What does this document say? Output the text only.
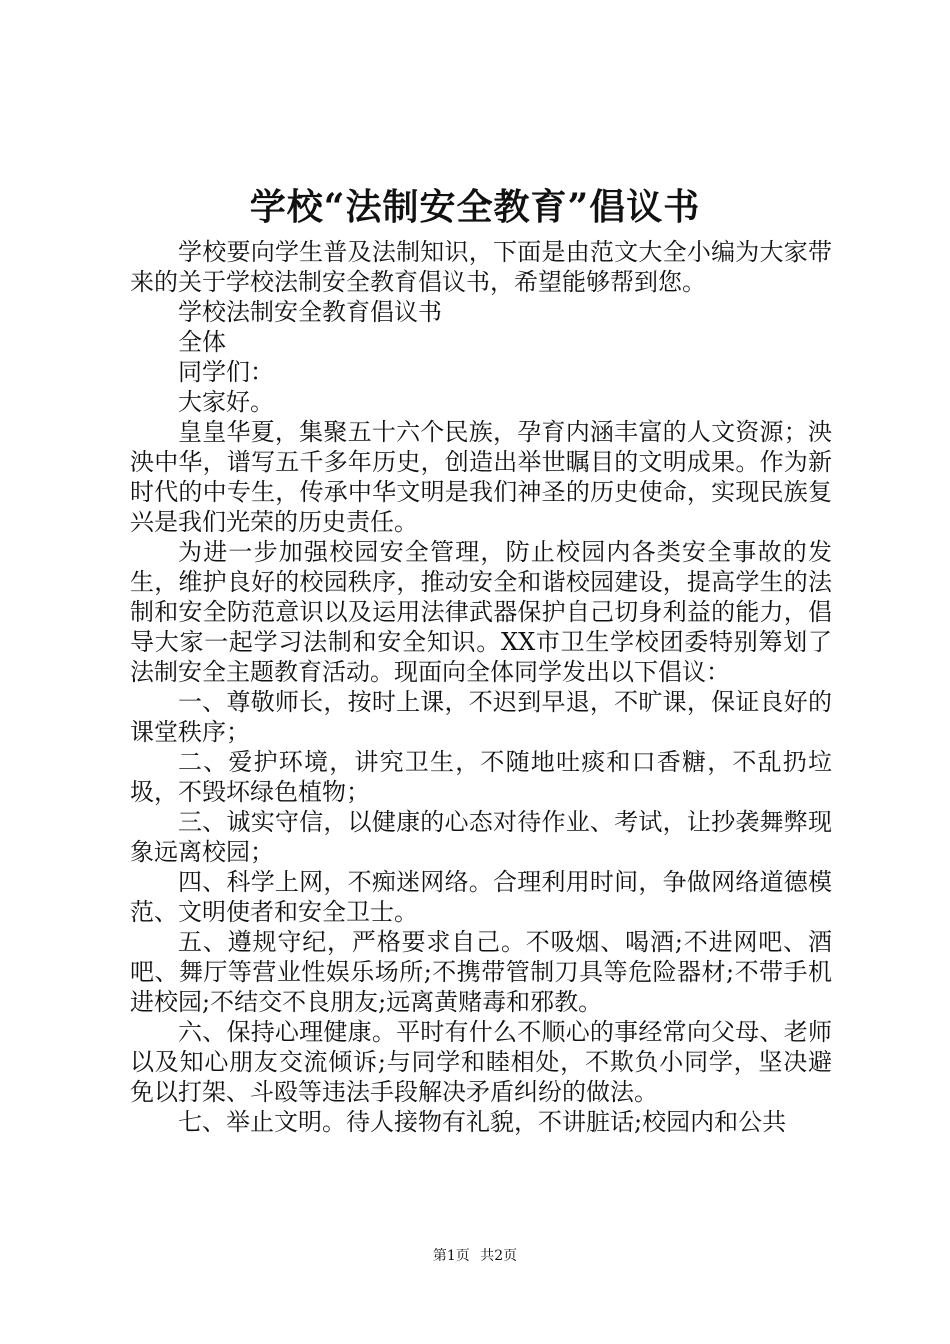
学校“法制安全教育”倡议书

学校要向学生普及法制知识，下面是由范文大全小编为大家带来的关于学校法制安全教育倡议书，希望能够帮到您。

学校法制安全教育倡议书

全体

同学们：

大家好。

皇皇华夏，集聚五十六个民族，孕育内涵丰富的人文资源；泱泱中华，谱写五千多年历史，创造出举世瞩目的文明成果。作为新时代的中专生，传承中华文明是我们神圣的历史使命，实现民族复兴是我们光荣的历史责任。

为进一步加强校园安全管理，防止校园内各类安全事故的发生，维护良好的校园秩序，推动安全和谐校园建设，提高学生的法制和安全防范意识以及运用法律武器保护自己切身利益的能力，倡导大家一起学习法制和安全知识。XX市卫生学校团委特别筹划了法制安全主题教育活动。现面向全体同学发出以下倡议：

一、尊敬师长，按时上课，不迟到早退，不旷课，保证良好的课堂秩序；

二、爱护环境，讲究卫生，不随地吐痰和口香糖，不乱扔垃圾，不毁坏绿色植物；

三、诚实守信，以健康的心态对待作业、考试，让抄袭舞弊现象远离校园；

四、科学上网，不痴迷网络。合理利用时间，争做网络道德模范、文明使者和安全卫士。

五、遵规守纪，严格要求自己。不吸烟、喝酒;不进网吧、酒吧、舞厅等营业性娱乐场所;不携带管制刀具等危险器材;不带手机进校园;不结交不良朋友;远离黄赌毒和邪教。

六、保持心理健康。平时有什么不顺心的事经常向父母、老师以及知心朋友交流倾诉;与同学和睦相处，不欺负小同学，坚决避免以打架、斗殴等违法手段解决矛盾纠纷的做法。

七、举止文明。待人接物有礼貌，不讲脏话;校园内和公共

第1页 共2页
